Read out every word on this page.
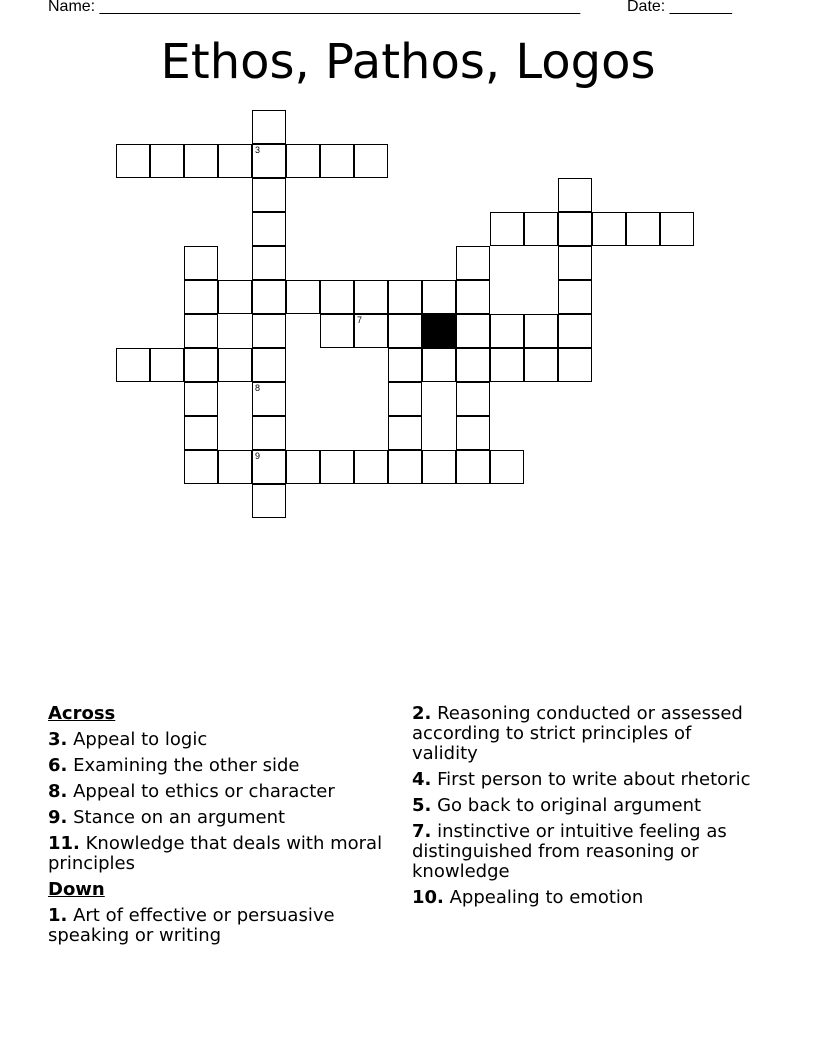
Name: ______________________________________________________	Date: _______
Ethos, Pathos, Logos
3
9
8
7
Across
3. Appeal to logic
6. Examining the other side
8. Appeal to ethics or character
9. Stance on an argument
11. Knowledge that deals with moral principles
Down
1. Art of effective or persuasive speaking or writing
2. Reasoning conducted or assessed according to strict principles of validity
4. First person to write about rhetoric
5. Go back to original argument
7. instinctive or intuitive feeling as distinguished from reasoning or knowledge
10. Appealing to emotion
